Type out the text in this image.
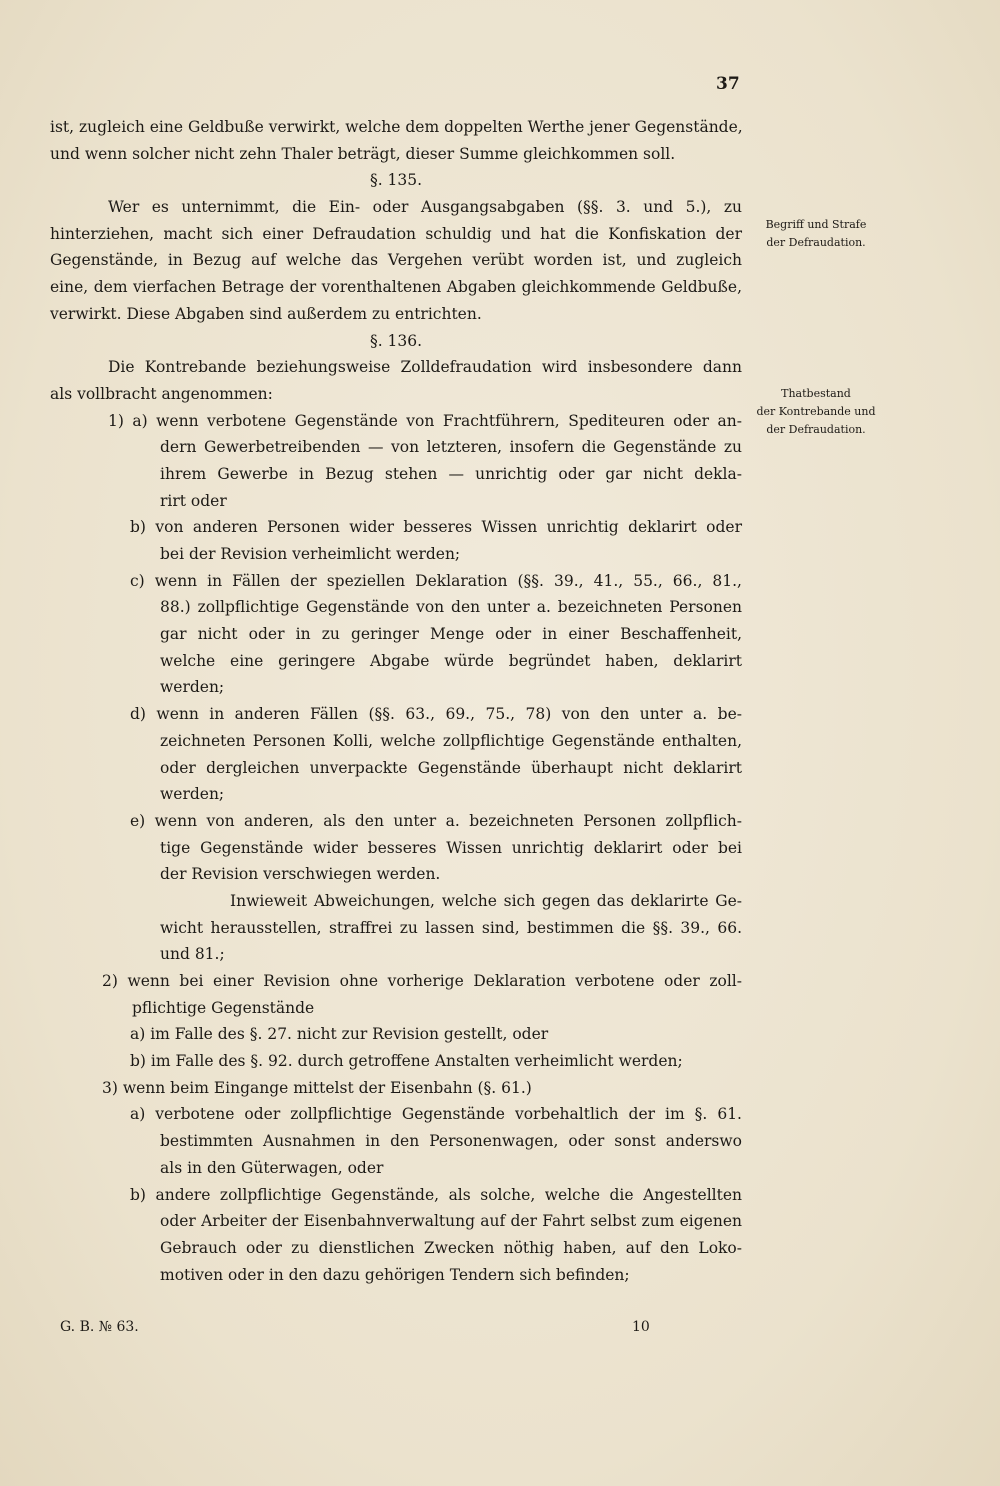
37
ist, zugleich eine Geldbuße verwirkt, welche dem doppelten Werthe jener Gegenstände,
und wenn solcher nicht zehn Thaler beträgt, dieser Summe gleichkommen soll.
§. 135.
Wer es unternimmt, die Ein- oder Ausgangsabgaben (§§. 3. und 5.), zu
hinterziehen, macht sich einer Defraudation schuldig und hat die Konfiskation der
Gegenstände, in Bezug auf welche das Vergehen verübt worden ist, und zugleich
eine, dem vierfachen Betrage der vorenthaltenen Abgaben gleichkommende Geldbuße,
verwirkt. Diese Abgaben sind außerdem zu entrichten.
§. 136.
Die Kontrebande beziehungsweise Zolldefraudation wird insbesondere dann
als vollbracht angenommen:
1) a) wenn verbotene Gegenstände von Frachtführern, Spediteuren oder an-
dern Gewerbetreibenden — von letzteren, insofern die Gegenstände zu
ihrem Gewerbe in Bezug stehen — unrichtig oder gar nicht dekla-
rirt oder
b) von anderen Personen wider besseres Wissen unrichtig deklarirt oder
bei der Revision verheimlicht werden;
c) wenn in Fällen der speziellen Deklaration (§§. 39., 41., 55., 66., 81.,
88.) zollpflichtige Gegenstände von den unter a. bezeichneten Personen
gar nicht oder in zu geringer Menge oder in einer Beschaffenheit,
welche eine geringere Abgabe würde begründet haben, deklarirt
werden;
d) wenn in anderen Fällen (§§. 63., 69., 75., 78) von den unter a. be-
zeichneten Personen Kolli, welche zollpflichtige Gegenstände enthalten,
oder dergleichen unverpackte Gegenstände überhaupt nicht deklarirt
werden;
e) wenn von anderen, als den unter a. bezeichneten Personen zollpflich-
tige Gegenstände wider besseres Wissen unrichtig deklarirt oder bei
der Revision verschwiegen werden.
Inwieweit Abweichungen, welche sich gegen das deklarirte Ge-
wicht herausstellen, straffrei zu lassen sind, bestimmen die §§. 39., 66.
und 81.;
2) wenn bei einer Revision ohne vorherige Deklaration verbotene oder zoll-
pflichtige Gegenstände
a) im Falle des §. 27. nicht zur Revision gestellt, oder
b) im Falle des §. 92. durch getroffene Anstalten verheimlicht werden;
3) wenn beim Eingange mittelst der Eisenbahn (§. 61.)
a) verbotene oder zollpflichtige Gegenstände vorbehaltlich der im §. 61.
bestimmten Ausnahmen in den Personenwagen, oder sonst anderswo
als in den Güterwagen, oder
b) andere zollpflichtige Gegenstände, als solche, welche die Angestellten
oder Arbeiter der Eisenbahnverwaltung auf der Fahrt selbst zum eigenen
Gebrauch oder zu dienstlichen Zwecken nöthig haben, auf den Loko-
motiven oder in den dazu gehörigen Tendern sich befinden;
Begriff und Strafe
der Defraudation.
Thatbestand
der Kontrebande und
der Defraudation.
G. B. № 63.	10
